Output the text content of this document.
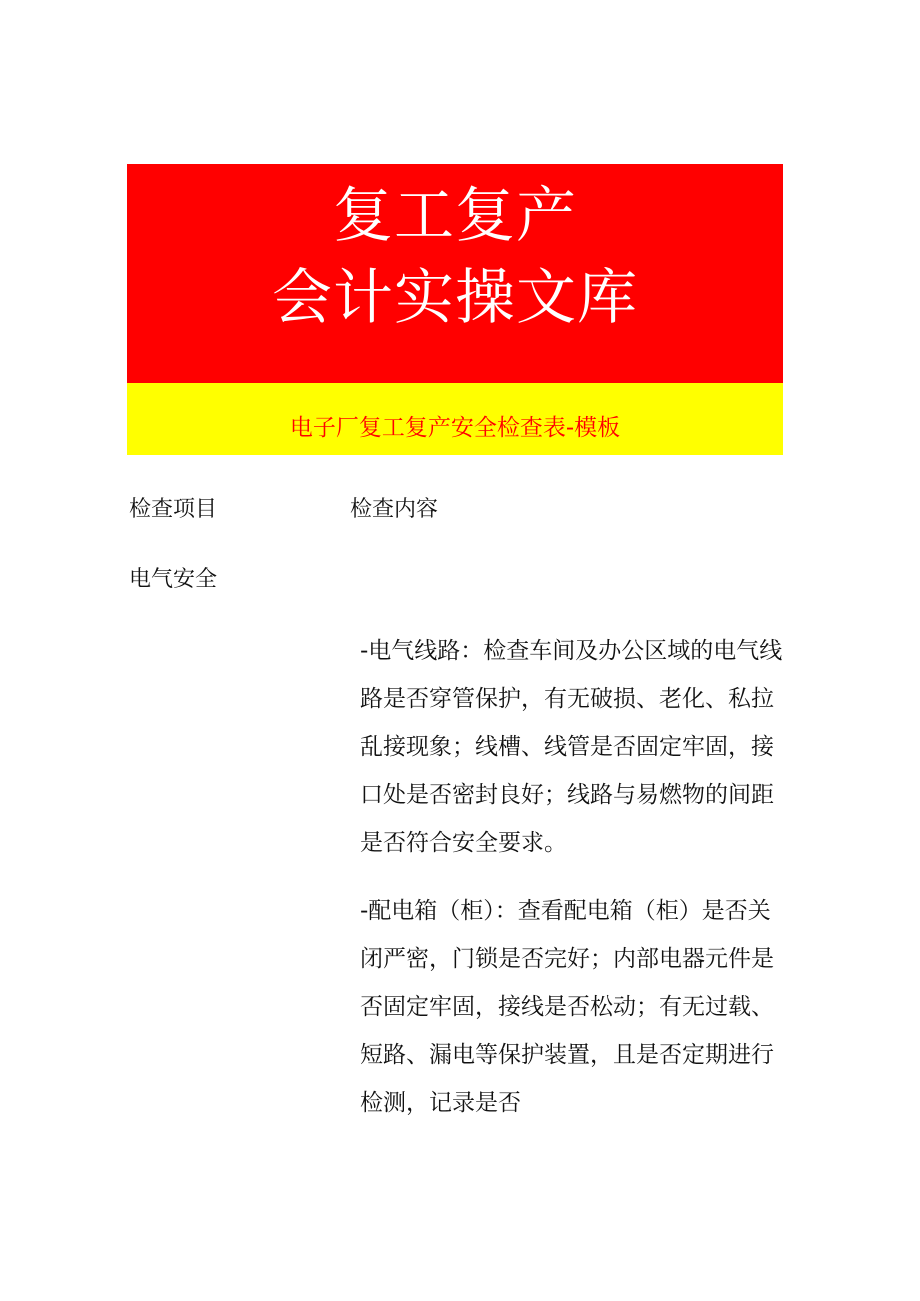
复工复产
会计实操文库
电子厂复工复产安全检查表-模板
检查项目	检查内容
电气安全

-电气线路：检查车间及办公区域的电气线路是否穿管保护，有无破损、老化、私拉乱接现象；线槽、线管是否固定牢固，接口处是否密封良好；线路与易燃物的间距是否符合安全要求。

-配电箱（柜）：查看配电箱（柜）是否关闭严密，门锁是否完好；内部电器元件是否固定牢固，接线是否松动；有无过载、短路、漏电等保护装置，且是否定期进行检测，记录是否
